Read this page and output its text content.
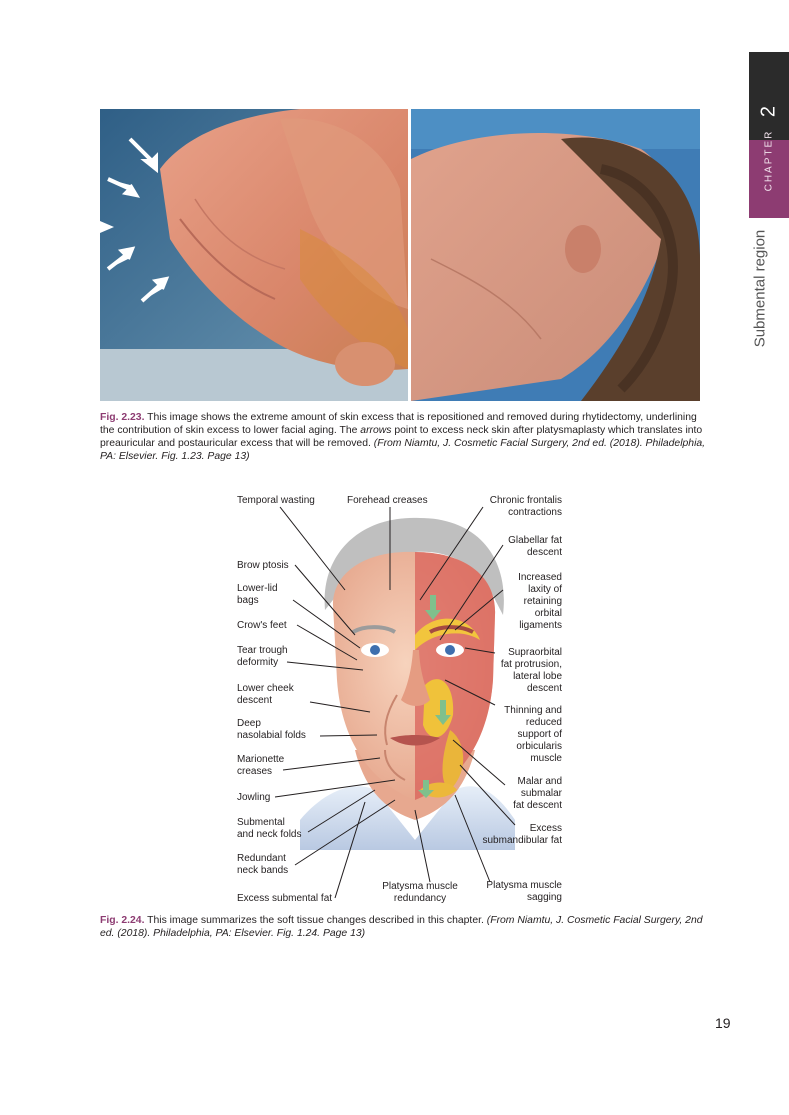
2
CHAPTER
Submental region
Fig. 2.23. This image shows the extreme amount of skin excess that is repositioned and removed during rhytidectomy, underlining the contribution of skin excess to lower facial aging. The arrows point to excess neck skin after platysmaplasty which translates into preauricular and postauricular excess that will be removed. (From Niamtu, J. Cosmetic Facial Surgery, 2nd ed. (2018). Philadelphia, PA: Elsevier. Fig. 1.23. Page 13)
Temporal wasting	Forehead creases
Brow ptosis
Lower-lid
bags
Crow's feet
Tear trough
deformity
Lower cheek
descent
Deep
nasolabial folds
Marionette
creases
Jowling
Submental
and neck folds
Redundant
neck bands
Excess submental fat
Platysma muscle
redundancy
Platysma muscle
sagging
Chronic frontalis
contractions
Glabellar fat
descent
Increased
laxity of
retaining
orbital
ligaments
Supraorbital
fat protrusion,
lateral lobe
descent
Thinning and
reduced
support of
orbicularis
muscle
Malar and
submalar
fat descent
Excess
submandibular fat
Fig. 2.24. This image summarizes the soft tissue changes described in this chapter. (From Niamtu, J. Cosmetic Facial Surgery, 2nd ed. (2018). Philadelphia, PA: Elsevier. Fig. 1.24. Page 13)
19
